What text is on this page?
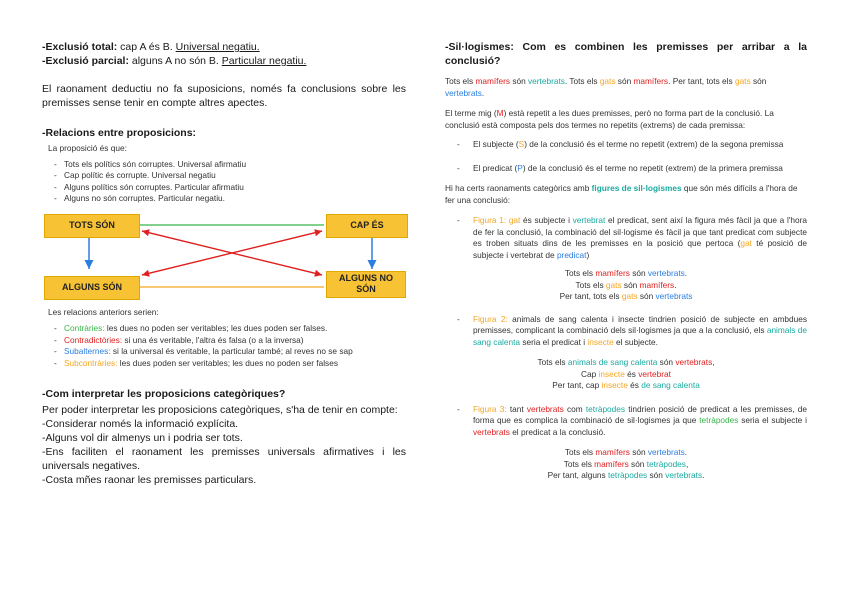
-Exclusió total: cap A és B. Universal negatiu.

-Exclusió parcial: alguns A no són B. Particular negatiu.

El raonament deductiu no fa suposicions, només fa conclusions sobre les premisses sense tenir en compte altres apectes.

-Relacions entre proposicions:

La proposició és que:

- Tots els polítics són corruptes. Universal afirmatiu
- Cap polític és corrupte. Universal negatiu
- Alguns polítics són corruptes. Particular afirmatiu
- Alguns no són corruptes. Particular negatiu.
TOTS SÓN	CAP ÉS
ALGUNS SÓN
ALGUNS NO SÓN

Les relacions anteriors serien:

- Contràries: les dues no poden ser veritables; les dues poden ser falses.
- Contradictòries: si una és veritable, l'altra és falsa (o a la inversa)
- Subalternes: si la universal és veritable, la particular també; al reves no se sap
- Subcontràries: les dues poden ser veritables; les dues no poden ser falses

-Com interpretar les proposicions categòriques?

Per poder interpretar les proposicions categòriques, s'ha de tenir en compte:

-Considerar només la informació explícita.

-Alguns vol dir almenys un i podria ser tots.

-Ens faciliten el raonament les premisses universals afirmatives i les universals negatives.

-Costa mñes raonar les premisses particulars.

-Sil·logismes: Com es combinen les premisses per arribar a la conclusió?

Tots els mamífers són vertebrats. Tots els gats són mamífers. Per tant, tots els gats són vertebrats.

El terme mig (M) està repetit a les dues premisses, però no forma part de la conclusió. La conclusió està composta pels dos termes no repetits (extrems) de cada premissa:

- El subjecte (S) de la conclusió és el terme no repetit (extrem) de la segona premissa
- El predicat (P) de la conclusió és el terme no repetit (extrem) de la primera premissa

Hi ha certs raonaments categòrics amb figures de sil·logismes que són més difícils a l'hora de fer una conclusió:

- Figura 1: gat és subjecte i vertebrat el predicat, sent així la figura més fàcil ja que a l'hora de fer la conclusió, la combinació del sil·logisme és fàcil ja que tant predicat com subjecte es troben situats dins de les premisses en la posició que pertoca (gat té posició de subjecte i vertebrat de predicat)

Tots els mamífers són vertebrats.

Tots els gats són mamífers.

Per tant, tots els gats són vertebrats

- Figura 2: animals de sang calenta i insecte tindrien posició de subjecte en ambdues premisses, complicant la combinació dels sil·logismes ja que a la conclusió, els animals de sang calenta seria el predicat i insecte el subjecte.

Tots els animals de sang calenta són vertebrats,

Cap insecte és vertebrat

Per tant, cap insecte és de sang calenta

- Figura 3: tant vertebrats com tetràpodes tindrien posició de predicat a les premisses, de forma que es complica la combinació de sil·logismes ja que tetràpodes seria el subjecte i vertebrats el predicat a la conclusió.

Tots els mamífers són vertebrats.

Tots els mamífers són tetràpodes,

Per tant, alguns tetràpodes són vertebrats.
